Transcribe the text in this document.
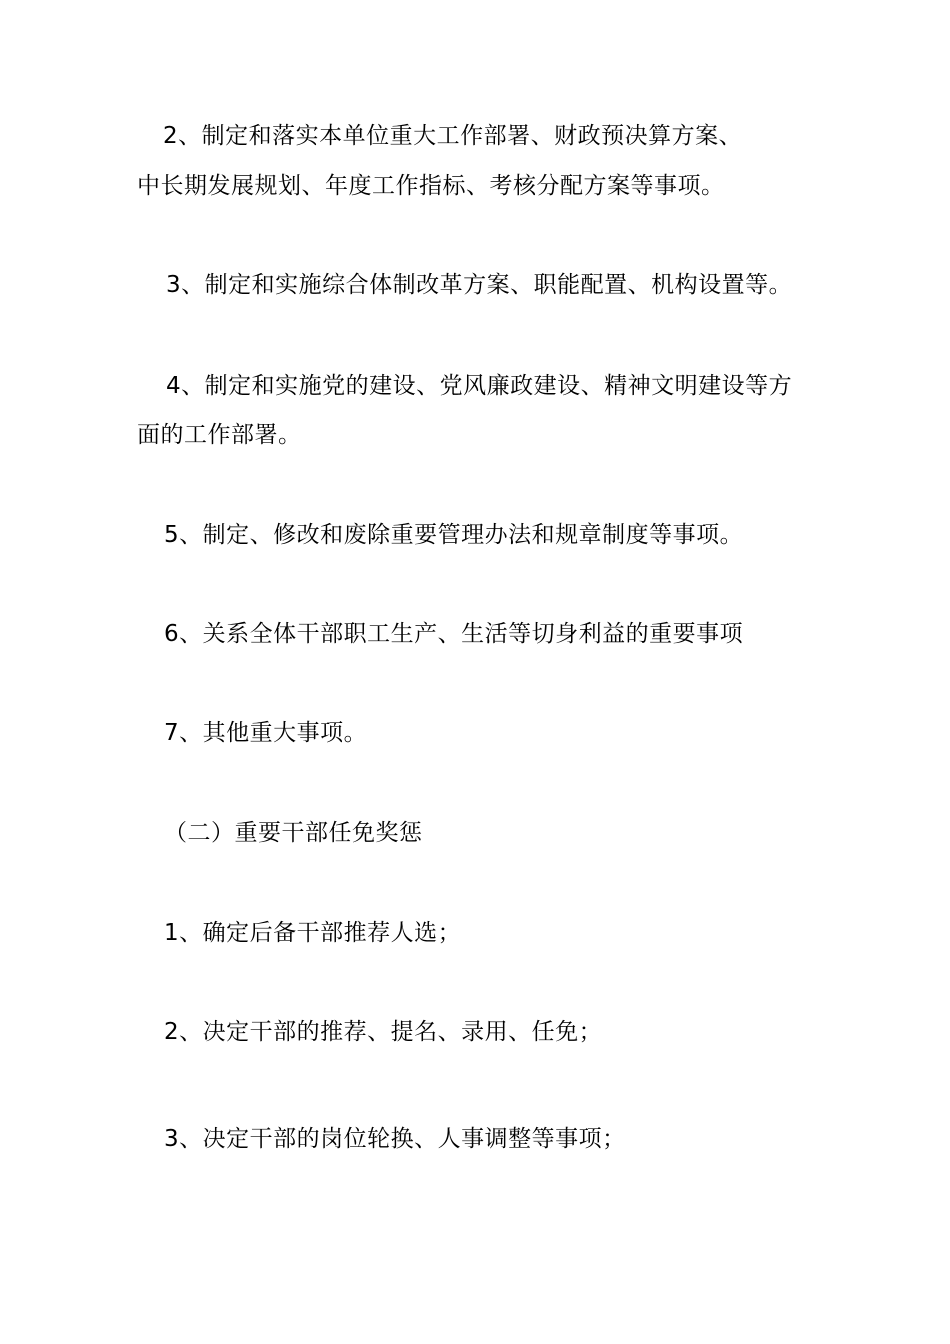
2、制定和落实本单位重大工作部署、财政预决算方案、
中长期发展规划、年度工作指标、考核分配方案等事项。
3、制定和实施综合体制改革方案、职能配置、机构设置等。
4、制定和实施党的建设、党风廉政建设、精神文明建设等方
面的工作部署。
5、制定、修改和废除重要管理办法和规章制度等事项。
6、关系全体干部职工生产、生活等切身利益的重要事项
7、其他重大事项。
（二）重要干部任免奖惩
1、确定后备干部推荐人选；
2、决定干部的推荐、提名、录用、任免；
3、决定干部的岗位轮换、人事调整等事项；
